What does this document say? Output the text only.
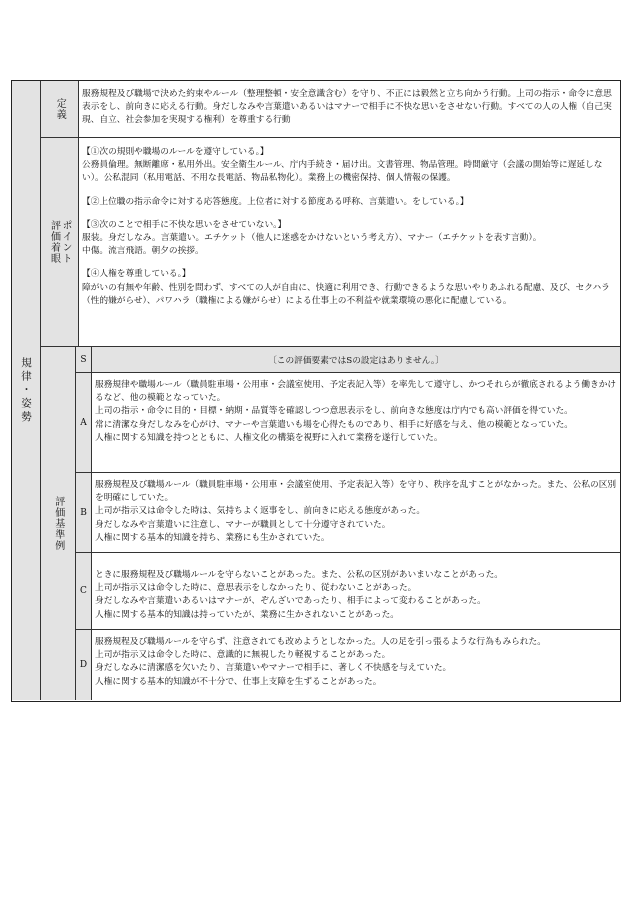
規律・姿勢
定義

服務規程及び職場で決めた約束やルール（整理整頓・安全意識含む）を守り、不正には毅然と立ち向かう行動。上司の指示・命令に意思表示をし、前向きに応える行動。身だしなみや言葉遣いあるいはマナーで相手に不快な思いをさせない行動。すべての人の人権（自己実現、自立、社会参加を実現する権利）を尊重する行動

評価着眼 ポイント

【①次の規則や職場のルールを遵守している。】

公務員倫理。無断離席・私用外出。安全衛生ルール、庁内手続き・届け出。文書管理、物品管理。時間厳守（会議の開始等に遅延しない）。公私混同（私用電話、不用な長電話、物品私物化）。業務上の機密保持、個人情報の保護。

【②上位職の指示命令に対する応答態度。上位者に対する節度ある呼称、言葉遣い。をしている。】

【③次のことで相手に不快な思いをさせていない。】

服装。身だしなみ。言葉遣い。エチケット（他人に迷惑をかけないという考え方）、マナー（エチケットを表す言動）。

中傷。流言飛語。朝夕の挨拶。

【④人権を尊重している。】

障がいの有無や年齢、性別を問わず、すべての人が自由に、快適に利用でき、行動できるような思いやりあふれる配慮、及び、セクハラ（性的嫌がらせ）、パワハラ（職権による嫌がらせ）による仕事上の不利益や就業環境の悪化に配慮している。

評価基準例
S	〔この評価要素ではSの設定はありません。〕
A

服務規律や職場ルール（職員駐車場・公用車・会議室使用、予定表記入等）を率先して遵守し、かつそれらが徹底されるよう働きかけるなど、他の模範となっていた。

上司の指示・命令に目的・目標・納期・品質等を確認しつつ意思表示をし、前向きな態度は庁内でも高い評価を得ていた。

常に清潔な身だしなみを心がけ、マナーや言葉遣いも場を心得たものであり、相手に好感を与え、他の模範となっていた。

人権に関する知識を持つとともに、人権文化の構築を視野に入れて業務を遂行していた。

B

服務規程及び職場ルール（職員駐車場・公用車・会議室使用、予定表記入等）を守り、秩序を乱すことがなかった。また、公私の区別を明確にしていた。

上司が指示又は命令した時は、気持ちよく返事をし、前向きに応える態度があった。

身だしなみや言葉遣いに注意し、マナーが職員として十分遵守されていた。

人権に関する基本的知識を持ち、業務にも生かされていた。

C

ときに服務規程及び職場ルールを守らないことがあった。また、公私の区別があいまいなことがあった。

上司が指示又は命令した時に、意思表示をしなかったり、従わないことがあった。

身だしなみや言葉遣いあるいはマナーが、ぞんざいであったり、相手によって変わることがあった。

人権に関する基本的知識は持っていたが、業務に生かされないことがあった。

D

服務規程及び職場ルールを守らず、注意されても改めようとしなかった。人の足を引っ張るような行為もみられた。

上司が指示又は命令した時に、意識的に無視したり軽視することがあった。

身だしなみに清潔感を欠いたり、言葉遣いやマナーで相手に、著しく不快感を与えていた。

人権に関する基本的知識が不十分で、仕事上支障を生ずることがあった。
